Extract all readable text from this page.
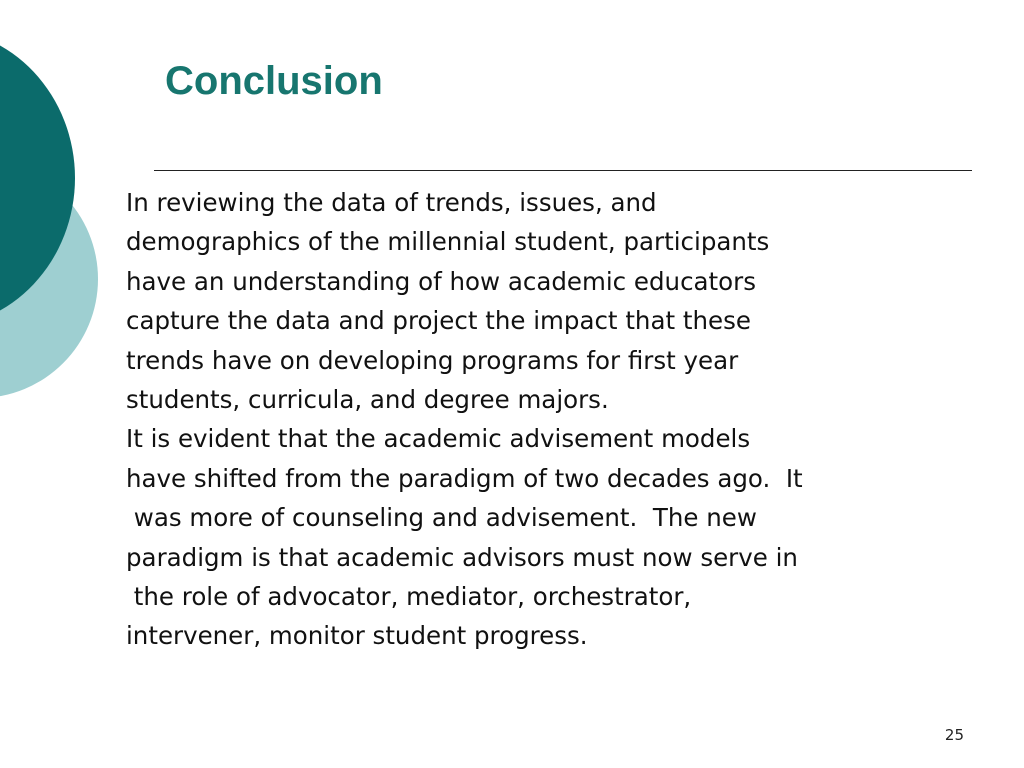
Conclusion
In reviewing the data of trends, issues, and
demographics of the millennial student, participants
have an understanding of how academic educators
capture the data and project the impact that these
trends have on developing programs for first year
students, curricula, and degree majors.
It is evident that the academic advisement models
have shifted from the paradigm of two decades ago.  It
was more of counseling and advisement.  The new
paradigm is that academic advisors must now serve in
the role of advocator, mediator, orchestrator,
intervener, monitor student progress.
25
